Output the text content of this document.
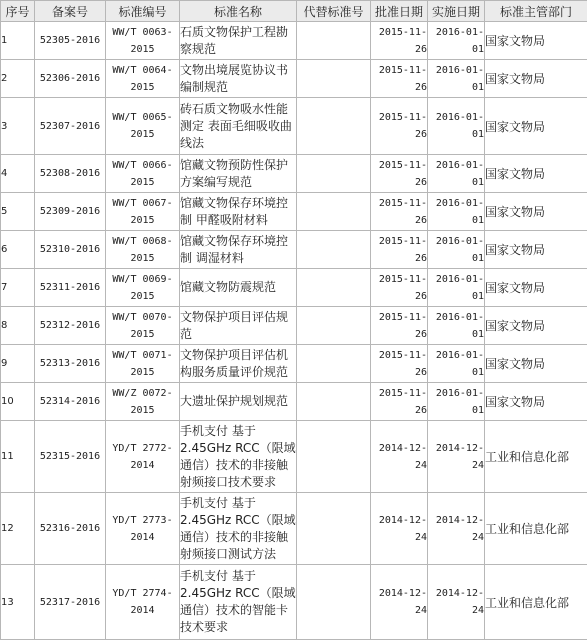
序号	备案号	标准编号	标准名称	代替标准号	批准日期	实施日期	标准主管部门
1	52305-2016	WW/T 0063-2015	石质文物保护工程勘察规范		2015-11-26	2016-01-01	国家文物局
2	52306-2016	WW/T 0064-2015	文物出境展览协议书编制规范		2015-11-26	2016-01-01	国家文物局
3	52307-2016	WW/T 0065-2015	砖石质文物吸水性能测定 表面毛细吸收曲线法		2015-11-26	2016-01-01	国家文物局
4	52308-2016	WW/T 0066-2015	馆藏文物预防性保护方案编写规范		2015-11-26	2016-01-01	国家文物局
5	52309-2016	WW/T 0067-2015	馆藏文物保存环境控制 甲醛吸附材料		2015-11-26	2016-01-01	国家文物局
6	52310-2016	WW/T 0068-2015	馆藏文物保存环境控制 调湿材料		2015-11-26	2016-01-01	国家文物局
7	52311-2016	WW/T 0069-2015	馆藏文物防震规范		2015-11-26	2016-01-01	国家文物局
8	52312-2016	WW/T 0070-2015	文物保护项目评估规范		2015-11-26	2016-01-01	国家文物局
9	52313-2016	WW/T 0071-2015	文物保护项目评估机构服务质量评价规范		2015-11-26	2016-01-01	国家文物局
10	52314-2016	WW/Z 0072-2015	大遗址保护规划规范		2015-11-26	2016-01-01	国家文物局
11	52315-2016	YD/T 2772-2014	手机支付 基于2.45GHz RCC（限域通信）技术的非接触射频接口技术要求		2014-12-24	2014-12-24	工业和信息化部
12	52316-2016	YD/T 2773-2014	手机支付 基于2.45GHz RCC（限域通信）技术的非接触射频接口测试方法		2014-12-24	2014-12-24	工业和信息化部
13	52317-2016	YD/T 2774-2014	手机支付 基于2.45GHz RCC（限域通信）技术的智能卡技术要求		2014-12-24	2014-12-24	工业和信息化部
